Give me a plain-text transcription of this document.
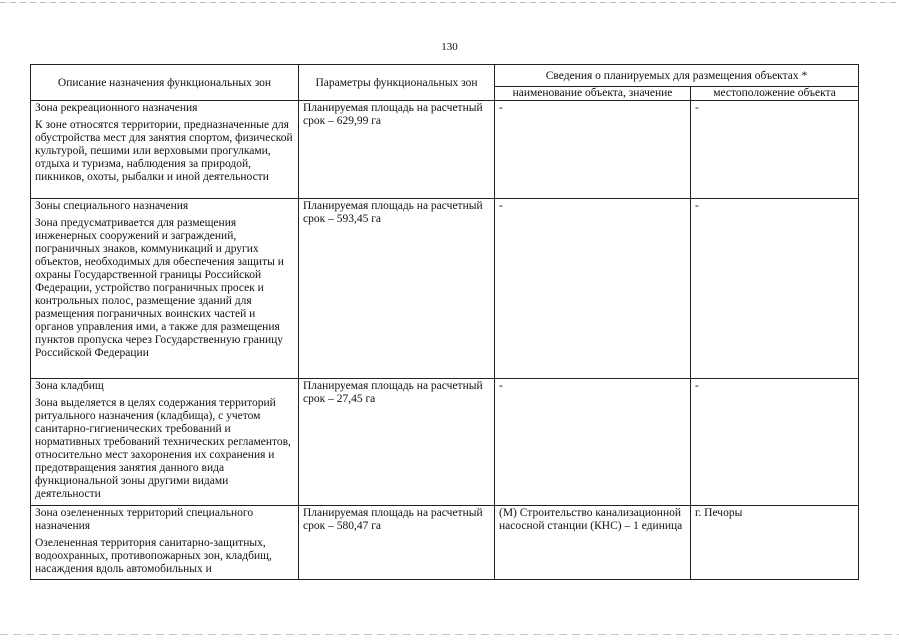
130
Описание назначения функциональных зон	Параметры функциональных зон	Сведения о планируемых для размещения объектах *	
		наименование объекта, значение	местоположение объекта

Зона рекреационного назначения
К зоне относятся территории, предназначенные для обустройства мест для занятия спортом, физической культурой, пешими или верховыми прогулками, отдыха и туризма, наблюдения за природой, пикников, охоты, рыбалки и иной деятельности	Планируемая площадь на расчетный срок – 629,99 га	-	-

Зоны специального назначения
Зона предусматривается для размещения инженерных сооружений и заграждений, пограничных знаков, коммуникаций и других объектов, необходимых для обеспечения защиты и охраны Государственной границы Российской Федерации, устройство пограничных просек и контрольных полос, размещение зданий для размещения пограничных воинских частей и органов управления ими, а также для размещения пунктов пропуска через Государственную границу Российской Федерации	Планируемая площадь на расчетный срок – 593,45 га	-	-

Зона кладбищ
Зона выделяется в целях содержания территорий ритуального назначения (кладбища), с учетом санитарно-гигиенических требований и нормативных требований технических регламентов, относительно мест захоронения их сохранения и предотвращения занятия данного вида функциональной зоны другими видами деятельности	Планируемая площадь на расчетный срок – 27,45 га	-	-

Зона озелененных территорий специального назначения
Озелененная территория санитарно-защитных, водоохранных, противопожарных зон, кладбищ, насаждения вдоль автомобильных и	Планируемая площадь на расчетный срок – 580,47 га	(М) Строительство канализационной насосной станции (КНС) – 1 единица	г. Печоры
